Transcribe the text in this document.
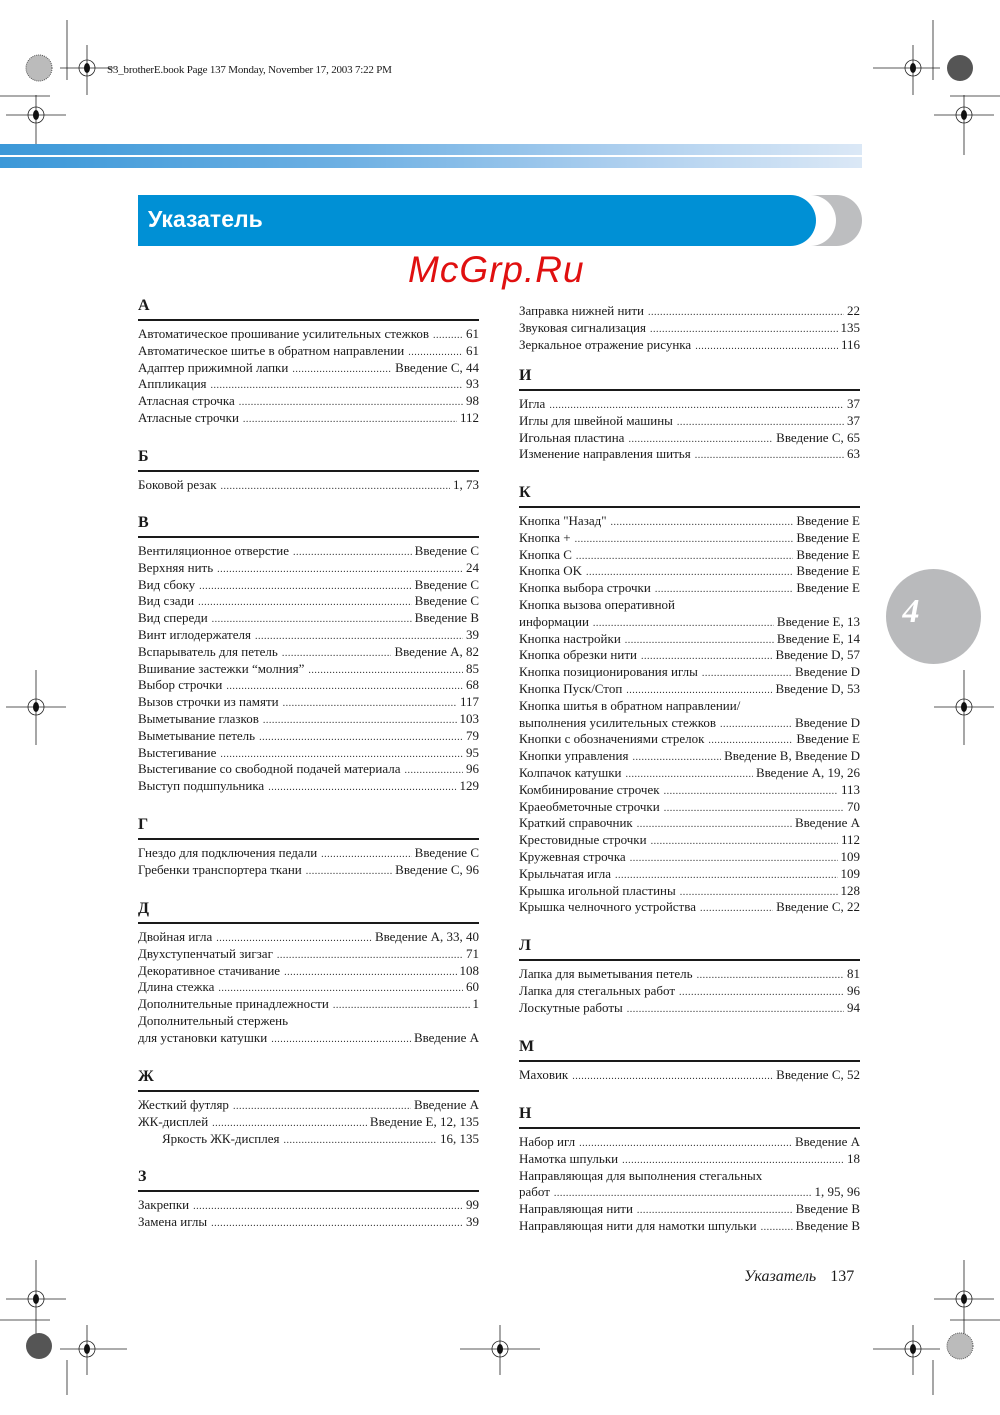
S3_brotherE.book Page 137 Monday, November 17, 2003 7:22 PM
Указатель
А
Автоматическое прошивание усилительных стежков .....	61
Автоматическое шитье в обратном направлении .....	61
Адаптер прижимной лапки .....	Введение C, 44
Аппликация .....	93
Атласная строчка .....	98
Атласные строчки .....	112
Б
Боковой резак .....	1, 73
В
Вентиляционное отверстие .....	Введение C
Верхняя нить .....	24
Вид сбоку .....	Введение C
Вид сзади .....	Введение C
Вид спереди .....	Введение B
Винт иглодержателя .....	39
Вспарыватель для петель .....	Введение A, 82
Вшивание застежки “молния” .....	85
Выбор строчки .....	68
Вызов строчки из памяти .....	117
Выметывание глазков .....	103
Выметывание петель .....	79
Выстегивание .....	95
Выстегивание со свободной подачей материала .....	96
Выступ подшпульника .....	129
Г
Гнездо для подключения педали .....	Введение C
Гребенки транспортера ткани .....	Введение C, 96
Д
Двойная игла .....	Введение A, 33, 40
Двухступенчатый зигзаг .....	71
Декоративное стачивание .....	108
Длина стежка .....	60
Дополнительные принадлежности .....	1
Дополнительный стержень
для установки катушки .....	Введение A
Ж
Жесткий футляр .....	Введение A
ЖК-дисплей .....	Введение E, 12, 135
Яркость ЖК-дисплея .....	16, 135
З
Закрепки .....	99
Замена иглы .....	39
Заправка нижней нити .....	22
Звуковая сигнализация .....	135
Зеркальное отражение рисунка .....	116
И
Игла .....	37
Иглы для швейной машины .....	37
Игольная пластина .....	Введение C, 65
Изменение направления шитья .....	63
К
Кнопка "Назад" .....	Введение E
Кнопка + .....	Введение E
Кнопка C .....	Введение E
Кнопка OK .....	Введение E
Кнопка выбора строчки .....	Введение E
Кнопка вызова оперативной
информации .....	Введение E, 13
Кнопка настройки .....	Введение E, 14
Кнопка обрезки нити .....	Введение D, 57
Кнопка позиционирования иглы .....	Введение D
Кнопка Пуск/Стоп .....	Введение D, 53
Кнопка шитья в обратном направлении/
выполнения усилительных стежков .....	Введение D
Кнопки с обозначениями стрелок .....	Введение E
Кнопки управления .....	Введение B, Введение D
Колпачок катушки .....	Введение A, 19, 26
Комбинирование строчек .....	113
Краеобметочные строчки .....	70
Краткий справочник .....	Введение A
Крестовидные строчки .....	112
Кружевная строчка .....	109
Крыльчатая игла .....	109
Крышка игольной пластины .....	128
Крышка челночного устройства .....	Введение C, 22
Л
Лапка для выметывания петель .....	81
Лапка для стегальных работ .....	96
Лоскутные работы .....	94
М
Маховик .....	Введение C, 52
Н
Набор игл .....	Введение A
Намотка шпульки .....	18
Направляющая для выполнения стегальных
работ .....	1, 95, 96
Направляющая нити .....	Введение B
Направляющая нити для намотки шпульки .....	Введение B
4
McGrp.Ru
Указатель 137
